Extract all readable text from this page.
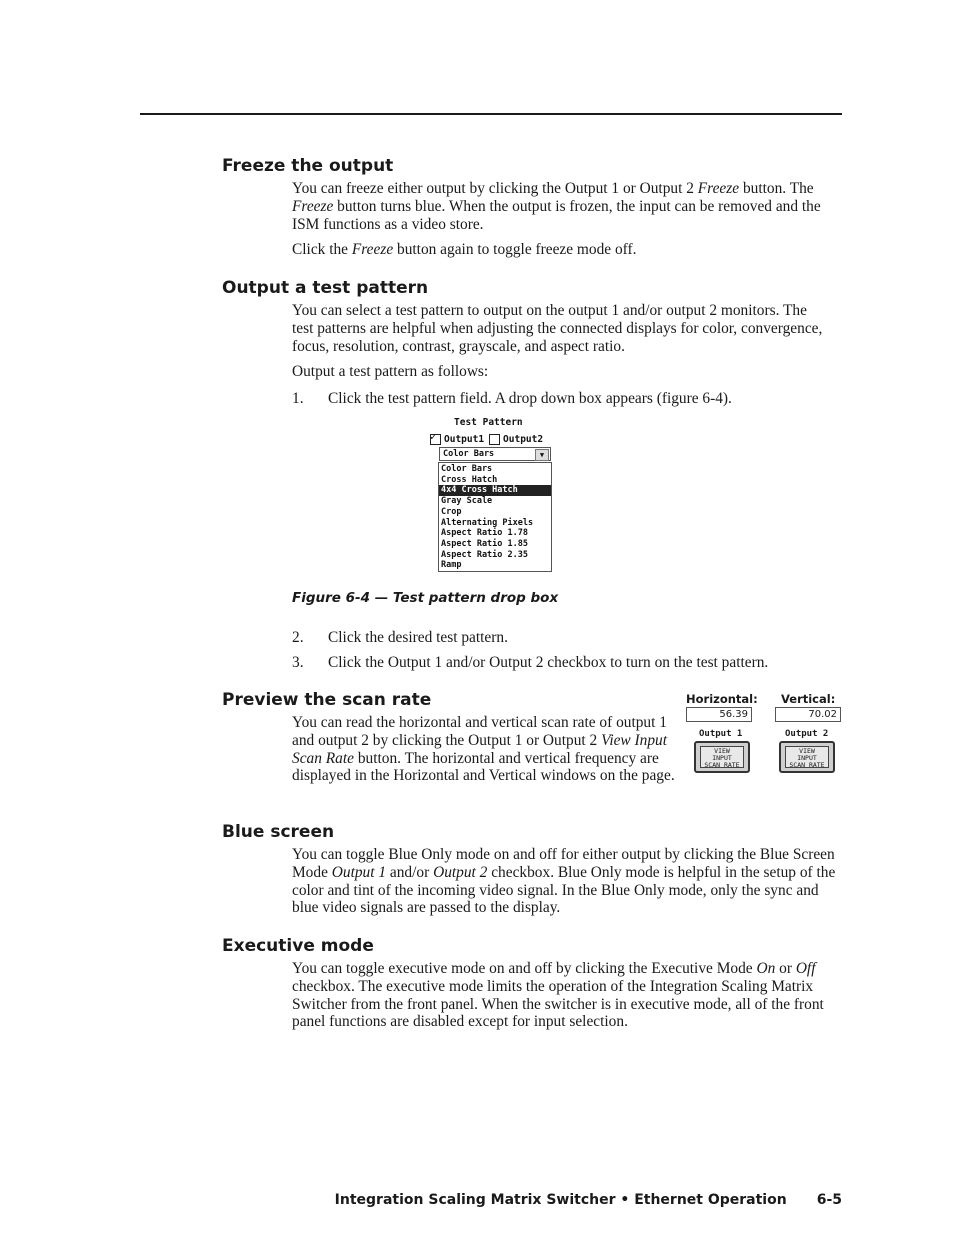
Freeze the output

You can freeze either output by clicking the Output 1 or Output 2 Freeze button. The Freeze button turns blue. When the output is frozen, the input can be removed and the ISM functions as a video store.

Click the Freeze button again to toggle freeze mode off.

Output a test pattern

You can select a test pattern to output on the output 1 and/or output 2 monitors. The test patterns are helpful when adjusting the connected displays for color, convergence, focus, resolution, contrast, grayscale, and aspect ratio.

Output a test pattern as follows:

1.	Click the test pattern field. A drop down box appears (figure 6-4).
Test Pattern
✓
Output1 Output2
Color Bars	▼
Color Bars
Cross Hatch
4x4 Cross Hatch
Gray Scale
Crop
Alternating Pixels
Aspect Ratio 1.78
Aspect Ratio 1.85
Aspect Ratio 2.35
Ramp

Figure 6-4 — Test pattern drop box

2.	Click the desired test pattern.
3.	Click the Output 1 and/or Output 2 checkbox to turn on the test pattern.
Preview the scan rate

You can read the horizontal and vertical scan rate of output 1 and output 2 by clicking the Output 1 or Output 2 View Input Scan Rate button. The horizontal and vertical frequency are displayed in the Horizontal and Vertical windows on the page.

Horizontal: Vertical:
56.39	70.02
Output 1	Output 2
VIEW
INPUT
SCAN RATE
VIEW
INPUT
SCAN RATE
Blue screen

You can toggle Blue Only mode on and off for either output by clicking the Blue Screen Mode Output 1 and/or Output 2 checkbox. Blue Only mode is helpful in the setup of the color and tint of the incoming video signal. In the Blue Only mode, only the sync and blue video signals are passed to the display.

Executive mode

You can toggle executive mode on and off by clicking the Executive Mode On or Off checkbox. The executive mode limits the operation of the Integration Scaling Matrix Switcher from the front panel. When the switcher is in executive mode, all of the front panel functions are disabled except for input selection.

Integration Scaling Matrix Switcher • Ethernet Operation 6-5
